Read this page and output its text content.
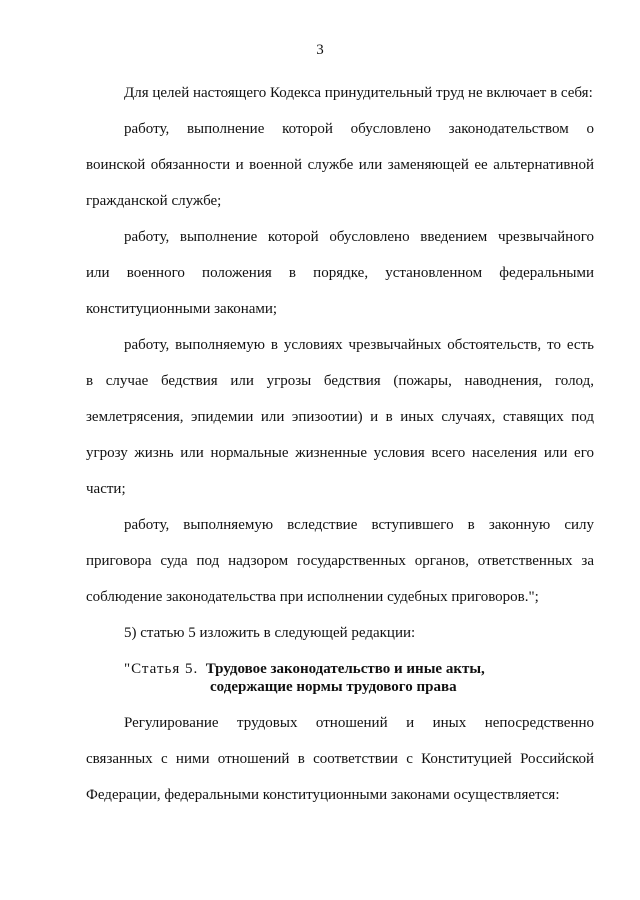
3
Для целей настоящего Кодекса принудительный труд не включает в себя:
работу, выполнение которой обусловлено законодательством о
воинской обязанности и военной службе или заменяющей ее альтернативной
гражданской службе;
работу, выполнение которой обусловлено введением чрезвычайного
или военного положения в порядке, установленном федеральными
конституционными законами;
работу, выполняемую в условиях чрезвычайных обстоятельств, то есть
в случае бедствия или угрозы бедствия (пожары, наводнения, голод,
землетрясения, эпидемии или эпизоотии) и в иных случаях, ставящих под
угрозу жизнь или нормальные жизненные условия всего населения или его
части;
работу, выполняемую вследствие вступившего в законную силу
приговора суда под надзором государственных органов, ответственных за
соблюдение законодательства при исполнении судебных приговоров.";
5) статью 5 изложить в следующей редакции:
"Статья 5. Трудовое законодательство и иные акты,
содержащие нормы трудового права
Регулирование трудовых отношений и иных непосредственно
связанных с ними отношений в соответствии с Конституцией Российской
Федерации, федеральными конституционными законами осуществляется:
